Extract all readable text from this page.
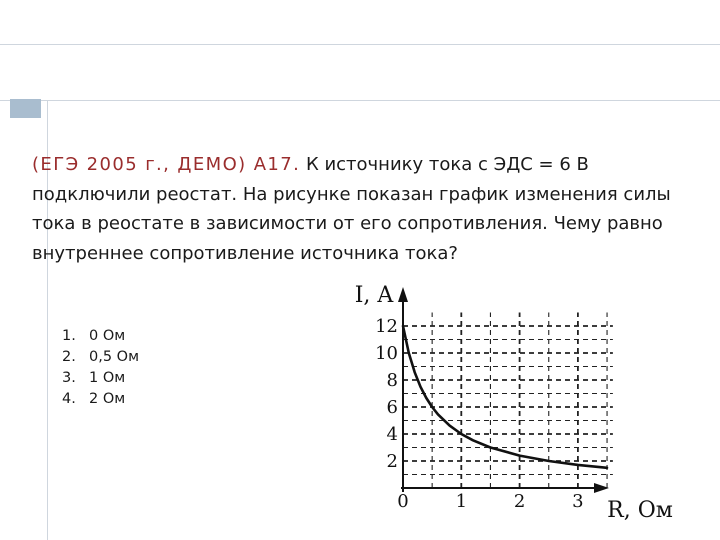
(ЕГЭ 2005 г., ДЕМО) А17. К источнику тока с ЭДС = 6 В подключили реостат. На рисунке показан график изменения силы тока в реостате в зависимости от его сопротивления. Чему равно внутреннее сопротивление источника тока?
1. 0 Ом
2. 0,5 Ом
3. 1 Ом
4. 2 Ом
2
4
6
8
10
12
0	1	2	3
I, A
R, Ом
